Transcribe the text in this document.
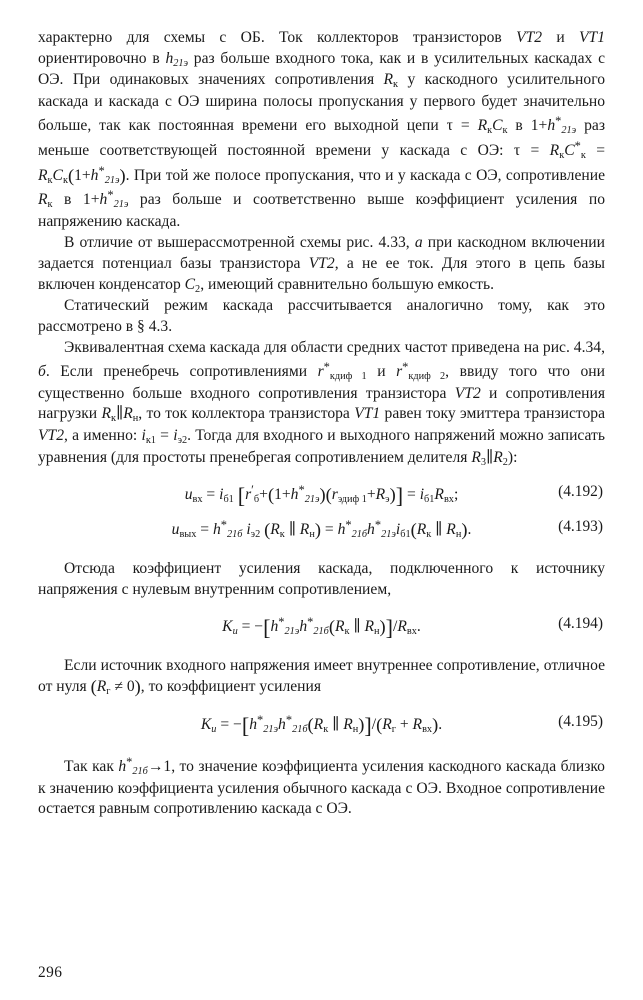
характерно для схемы с ОБ. Ток коллекторов транзисторов VT2 и VT1 ориентировочно в h21э раз больше входного тока, как и в усилительных каскадах с ОЭ. При одинаковых значениях сопротивления $R_к$ у каскодного усилительного каскада и каскада с ОЭ ширина полосы пропускания у первого будет значительно больше, так как постоянная времени его выходной цепи $\tau = R_кC_к$ в 1+h*21э раз меньше соответствующей постоянной времени у каскада с ОЭ: $\tau = R_кC^*_к = R_кC_к(1+h^*21э)$. При той же полосе пропускания, что и у каскада с ОЭ, сопротивление $R_к$ в 1+h*21э раз больше и соответственно выше коэффициент усиления по напряжению каскада.

В отличие от вышерассмотренной схемы рис. 4.33, а при каскодном включении задается потенциал базы транзистора VT2, а не ее ток. Для этого в цепь базы включен конденсатор $C_2$, имеющий сравнительно большую емкость.

Статический режим каскада рассчитывается аналогично тому, как это рассмотрено в § 4.3.

Эквивалентная схема каскада для области средних частот приведена на рис. 4.34, б. Если пренебречь сопротивлениями $r^*_{кдиф 1}$ и $r^*_{кдиф 2}$, ввиду того что они существенно больше входного сопротивления транзистора VT2 и сопротивления нагрузки $R_к\parallel R_н$, то ток коллектора транзистора VT1 равен току эмиттера транзистора VT2, а именно: $i_{к1} = i_{э2}$. Тогда для входного и выходного напряжений можно записать уравнения (для простоты пренебрегая сопротивлением делителя $R_3\parallel R_2$):

$u_{вх} = i_{б1}$ $[r'_б+(1+h^*21э)(r_{эдиф 1}+R_э)] = i_{б1}R_{вх}$;	(4.192)
$u_{вых} = h^*21б$ $i_{э2}$ ($R_к$ ∥ $R_н) = h^*21бh^*21эi_{б1}(R_к$ ∥ $R_н$).	(4.193)

Отсюда коэффициент усиления каскада, подключенного к источнику напряжения с нулевым внутренним сопротивлением,

Kи = $-[h^*21эh^*21б(R_к$ ∥ $R_н)]/R_{вх}$.	(4.194)

Если источник входного напряжения имеет внутреннее сопротивление, отличное от нуля $(R_г \ne 0)$, то коэффициент усиления

Kи = $-[h^*21эh^*21б(R_к$ ∥ $R_н)]/(R_г + R_{вх})$.	(4.195)

Так как h*21б→1, то значение коэффициента усиления каскодного каскада близко к значению коэффициента усиления обычного каскада с ОЭ. Входное сопротивление остается равным сопротивлению каскада с ОЭ.

296
